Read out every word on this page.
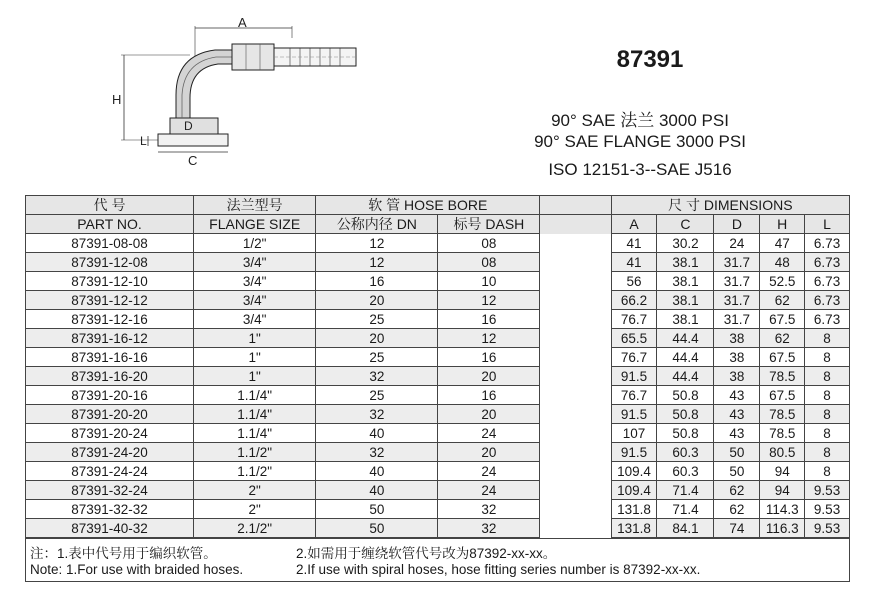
A
H
L
C
D
87391
90° SAE 法兰 3000 PSI
90° SAE FLANGE 3000 PSI
ISO 12151-3--SAE J516
代 号	法兰型号	软 管 HOSE BORE			尺 寸 DIMENSIONS				
PART NO.	FLANGE SIZE	公称内径 DN	标号 DASH		A	C	D	H	L
87391-08-08	1/2"	12	08		41	30.2	24	47	6.73
87391-12-08	3/4"	12	08		41	38.1	31.7	48	6.73
87391-12-10	3/4"	16	10		56	38.1	31.7	52.5	6.73
87391-12-12	3/4"	20	12		66.2	38.1	31.7	62	6.73
87391-12-16	3/4"	25	16		76.7	38.1	31.7	67.5	6.73
87391-16-12	1"	20	12		65.5	44.4	38	62	8
87391-16-16	1"	25	16		76.7	44.4	38	67.5	8
87391-16-20	1"	32	20		91.5	44.4	38	78.5	8
87391-20-16	1.1/4"	25	16		76.7	50.8	43	67.5	8
87391-20-20	1.1/4"	32	20		91.5	50.8	43	78.5	8
87391-20-24	1.1/4"	40	24		107	50.8	43	78.5	8
87391-24-20	1.1/2"	32	20		91.5	60.3	50	80.5	8
87391-24-24	1.1/2"	40	24		109.4	60.3	50	94	8
87391-32-24	2"	40	24		109.4	71.4	62	94	9.53
87391-32-32	2"	50	32		131.8	71.4	62	114.3	9.53
87391-40-32	2.1/2"	50	32		131.8	84.1	74	116.3	9.53
注：1.表中代号用于编织软管。	2.如需用于缠绕软管代号改为87392-xx-xx。
Note: 1.For use with braided hoses.	2.If use with spiral hoses, hose fitting series number is 87392-xx-xx.
